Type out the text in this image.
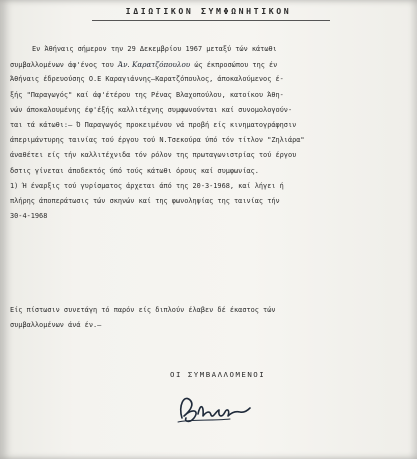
ΙΔΙΩΤΙΚΟΝ ΣΥΜΦΩΝΗΤΙΚΟΝ
Εν Άθήναις σήμερον την 29 Δεκεμβρίου 1967 μεταξύ τών κάτωθι
συμβαλλομένων άφ'ένος του Άν. Καρατζόπουλου ώς έκπροσώπου της έν
Άθήναις έδρευούσης Ο.Ε Καραγιάννης–Καρατζόπουλος, άποκαλούμενος έ-
ξής "Παραγωγός" καί άφ'έτέρου της Ρένας Βλαχοπούλου, κατοίκου Άθη-
νών άποκαλουμένης έφ'έξής καλλιτέχνης συμφωνούνται καί συνομολογούν-
ται τά κάτωθι:– Ό Παραγωγός προκειμένου νά προβή είς κινηματογράφησιν
άπεριμάντυρης ταινίας τού έργου τού Ν.Τσεκούρα ύπό τόν τίτλον "Ζηλιάρα"
άναθέτει είς τήν καλλιτέχνιδα τόν ρόλον της πρωταγωνιστρίας τού έργου
δστις γίνεται άποδεκτός ύπό τούς κάτωθι όρους καί συμφωνίας.
1) Ή έναρξις τού γυρίσματος άρχεται άπό της 20-3-1968, καί λήγει ή
πλήρης άποπεράτωσις τών σκηνών καί της φωνοληψίας της ταινίας τήν
30-4-1968
Είς πίστωσιν συνετάγη τό παρόν είς διπλούν έλαβεν δέ έκαστος τών
συμβαλλομένων άνά έν.–
ΟΙ ΣΥΜΒΑΛΛΟΜΕΝΟΙ
